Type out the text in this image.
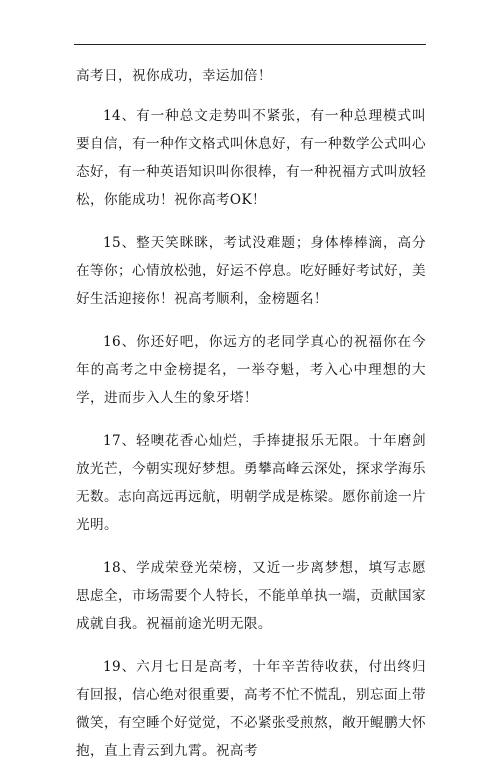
高考日，祝你成功，幸运加倍！

14、有一种总文走势叫不紧张，有一种总理模式叫要自信，有一种作文格式叫休息好，有一种数学公式叫心态好，有一种英语知识叫你很棒，有一种祝福方式叫放轻松，你能成功！祝你高考OK！

15、整天笑眯眯，考试没难题；身体棒棒滴，高分在等你；心情放松弛，好运不停息。吃好睡好考试好，美好生活迎接你！祝高考顺利，金榜题名！

16、你还好吧，你远方的老同学真心的祝福你在今年的高考之中金榜提名，一举夺魁，考入心中理想的大学，进而步入人生的象牙塔！

17、轻噢花香心灿烂，手捧捷报乐无限。十年磨剑放光芒，今朝实现好梦想。勇攀高峰云深处，探求学海乐无数。志向高远再远航，明朝学成是栋梁。愿你前途一片光明。

18、学成荣登光荣榜，又近一步离梦想，填写志愿思虑全，市场需要个人特长，不能单单执一端，贡献国家成就自我。祝福前途光明无限。

19、六月七日是高考，十年辛苦待收获，付出终归有回报，信心绝对很重要，高考不忙不慌乱，别忘面上带微笑，有空睡个好觉觉，不必紧张受煎熬，敞开鲲鹏大怀抱，直上青云到九霄。祝高考
